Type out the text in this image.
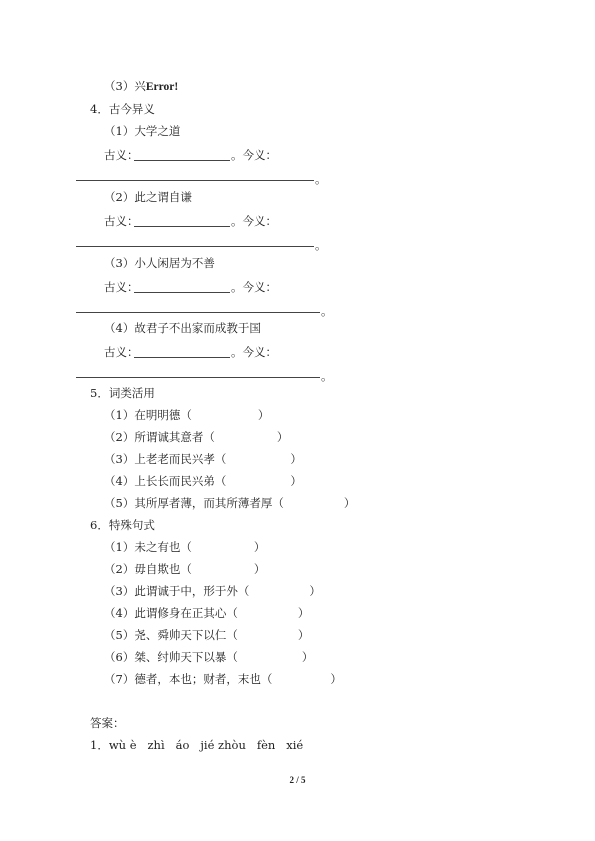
（3）兴Error!
4．古今异义
（1）大学之道
古义：	。今义：
。
（2）此之谓自谦
古义：	。今义：
。
（3）小人闲居为不善
古义：	。今义：
。
（4）故君子不出家而成教于国
古义：	。今义：
。
5．词类活用
（1）在明明德（	）
（2）所谓诚其意者（	）
（3）上老老而民兴孝（	）
（4）上长长而民兴弟（	）
（5）其所厚者薄，而其所薄者厚（	）
6．特殊句式
（1）未之有也（	）
（2）毋自欺也（	）
（3）此谓诚于中，形于外（	）
（4）此谓修身在正其心（	）
（5）尧、舜帅天下以仁（	）
（6）桀、纣帅天下以暴（	）
（7）德者，本也；财者，末也（	）
答案：
1．wù è   zhì   áo   jié zhòu   fèn   xié
2 / 5
